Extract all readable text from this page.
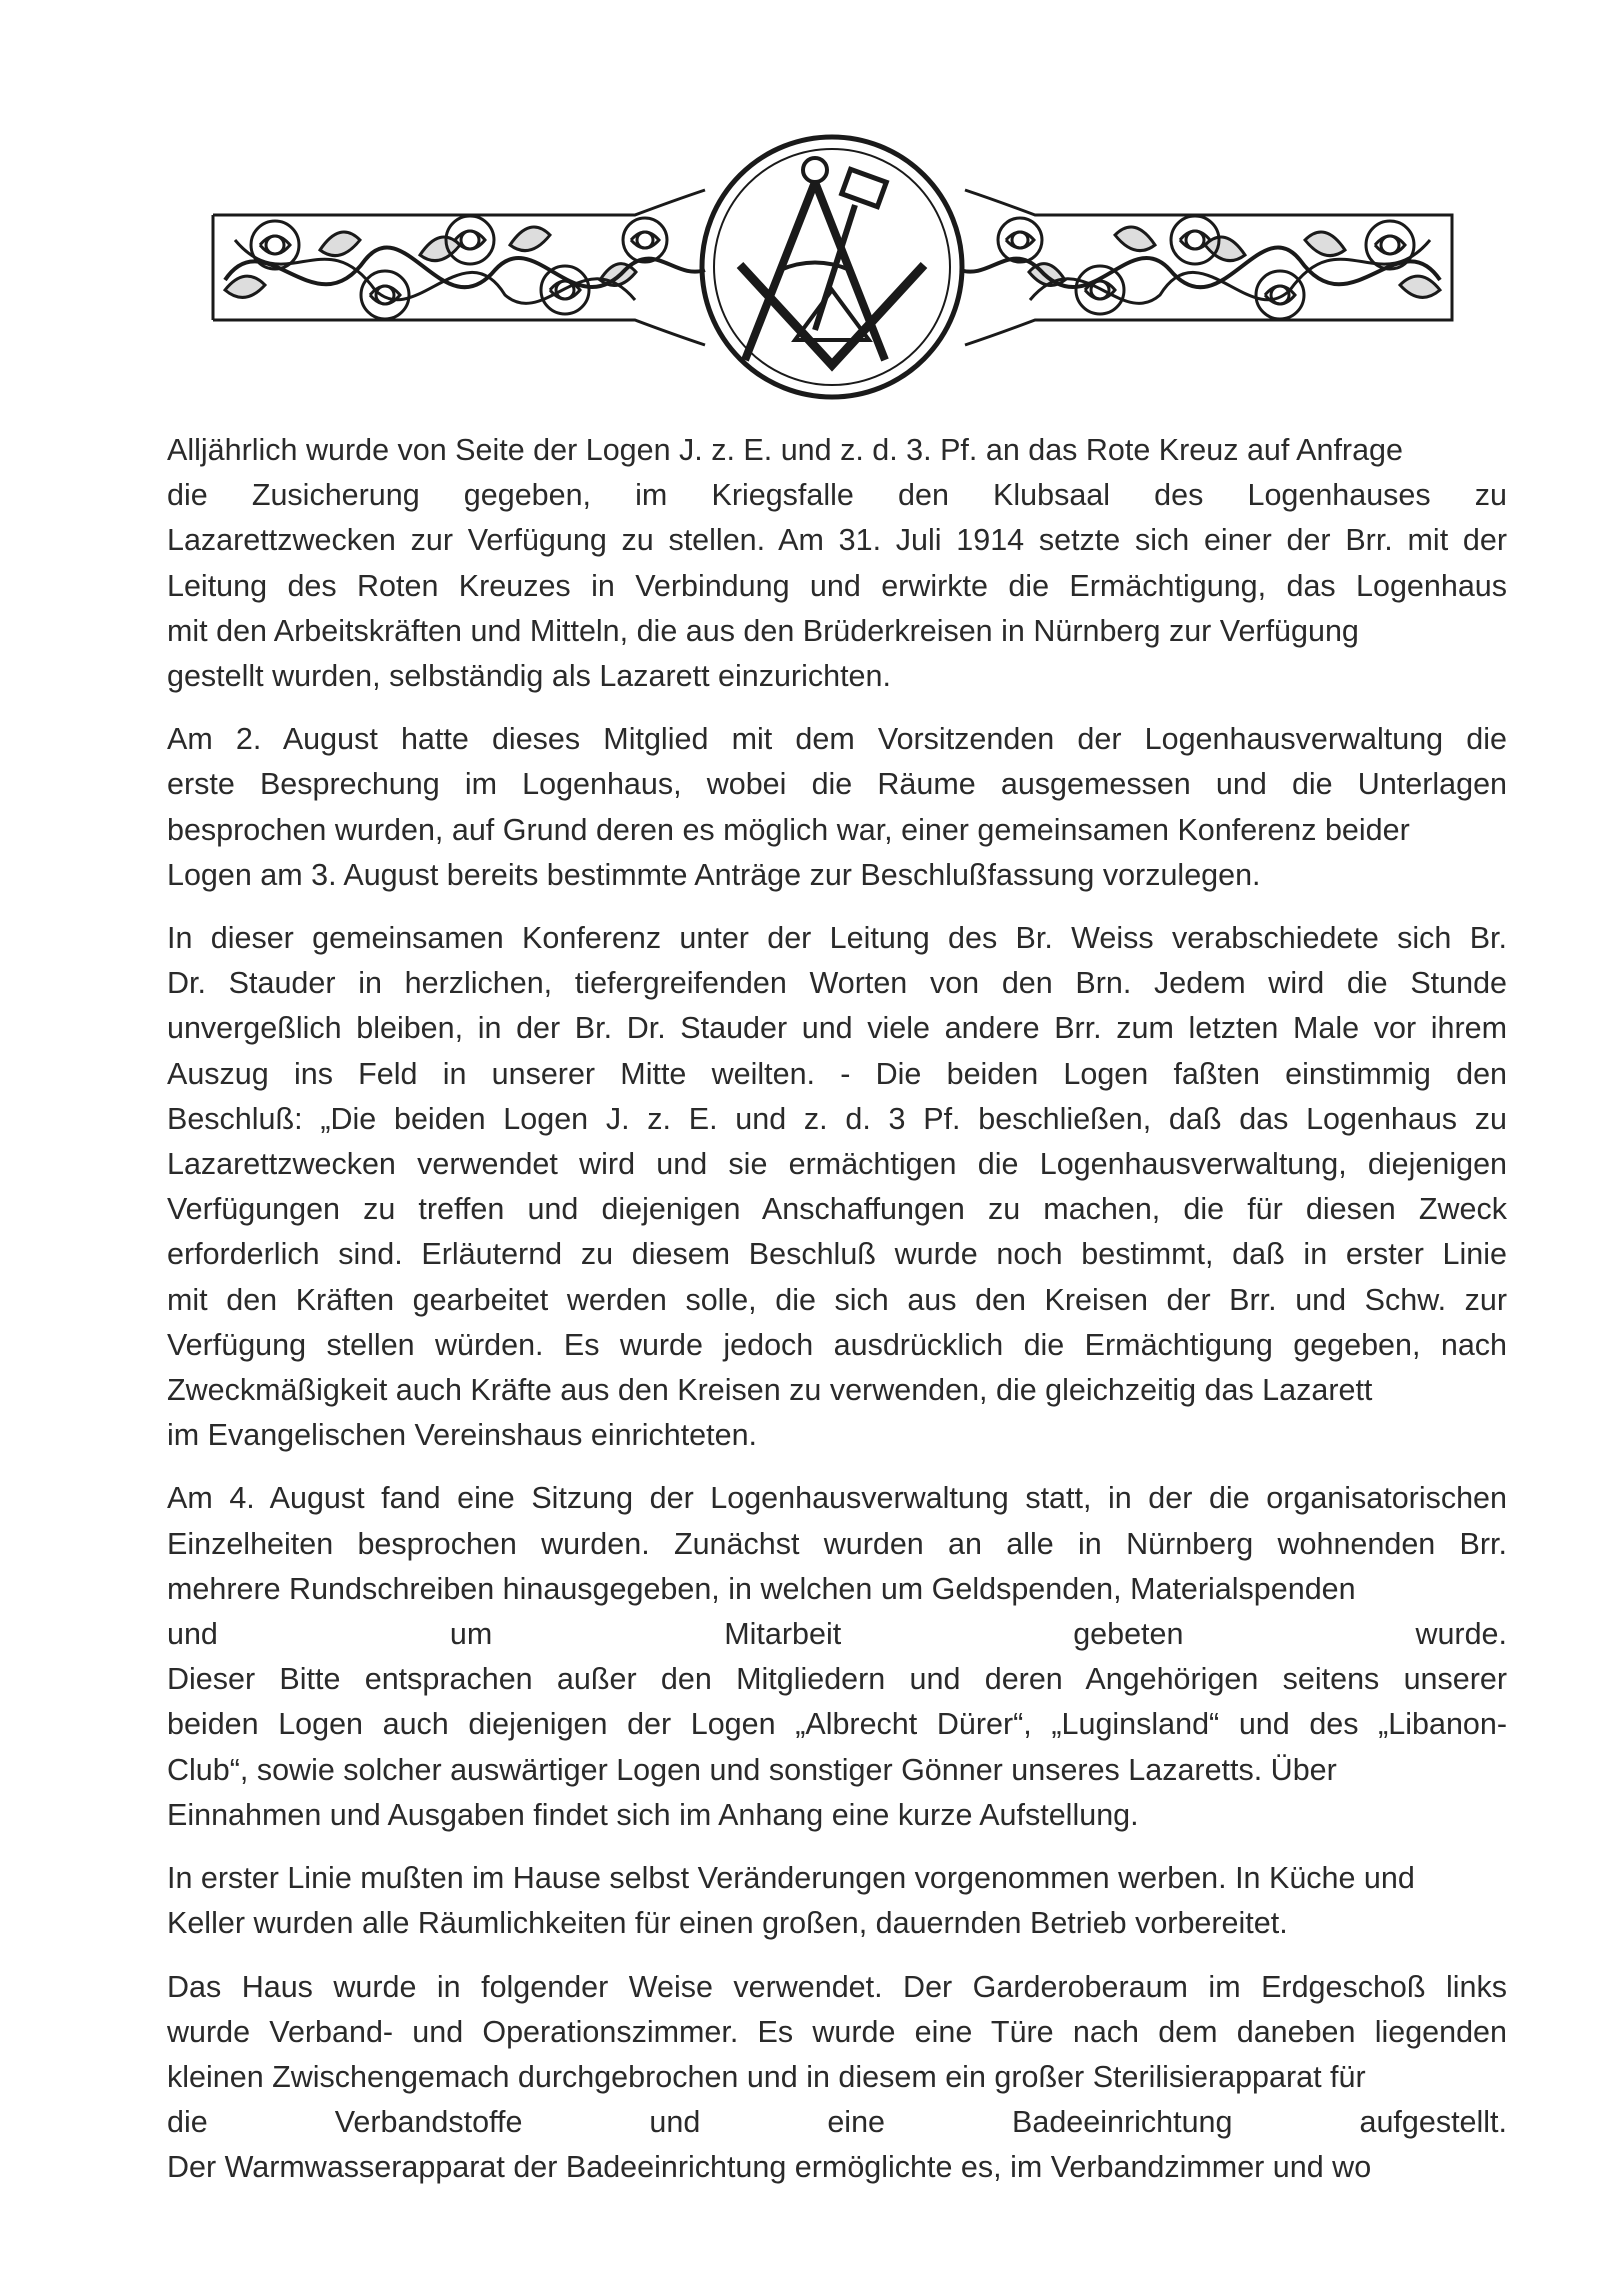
Alljährlich wurde von Seite der Logen J. z. E. und z. d. 3. Pf. an das Rote Kreuz auf Anfrage
die Zusicherung gegeben, im Kriegsfalle den Klubsaal des Logenhauses zu
Lazarettzwecken zur Verfügung zu stellen. Am 31. Juli 1914 setzte sich einer der Brr. mit der
Leitung des Roten Kreuzes in Verbindung und erwirkte die Ermächtigung, das Logenhaus
mit den Arbeitskräften und Mitteln, die aus den Brüderkreisen in Nürnberg zur Verfügung
gestellt wurden, selbständig als Lazarett einzurichten.

Am 2. August hatte dieses Mitglied mit dem Vorsitzenden der Logenhausverwaltung die
erste Besprechung im Logenhaus, wobei die Räume ausgemessen und die Unterlagen
besprochen wurden, auf Grund deren es möglich war, einer gemeinsamen Konferenz beider
Logen am 3. August bereits bestimmte Anträge zur Beschlußfassung vorzulegen.

In dieser gemeinsamen Konferenz unter der Leitung des Br. Weiss verabschiedete sich Br.
Dr. Stauder in herzlichen, tiefergreifenden Worten von den Brn. Jedem wird die Stunde
unvergeßlich bleiben, in der Br. Dr. Stauder und viele andere Brr. zum letzten Male vor ihrem
Auszug ins Feld in unserer Mitte weilten. - Die beiden Logen faßten einstimmig den
Beschluß: „Die beiden Logen J. z. E. und z. d. 3 Pf. beschließen, daß das Logenhaus zu
Lazarettzwecken verwendet wird und sie ermächtigen die Logenhausverwaltung, diejenigen
Verfügungen zu treffen und diejenigen Anschaffungen zu machen, die für diesen Zweck
erforderlich sind. Erläuternd zu diesem Beschluß wurde noch bestimmt, daß in erster Linie
mit den Kräften gearbeitet werden solle, die sich aus den Kreisen der Brr. und Schw. zur
Verfügung stellen würden. Es wurde jedoch ausdrücklich die Ermächtigung gegeben, nach
Zweckmäßigkeit auch Kräfte aus den Kreisen zu verwenden, die gleichzeitig das Lazarett
im Evangelischen Vereinshaus einrichteten.

Am 4. August fand eine Sitzung der Logenhausverwaltung statt, in der die organisatorischen
Einzelheiten besprochen wurden. Zunächst wurden an alle in Nürnberg wohnenden Brr.
mehrere Rundschreiben hinausgegeben, in welchen um Geldspenden, Materialspenden
und um Mitarbeit gebeten wurde.
Dieser Bitte entsprachen außer den Mitgliedern und deren Angehörigen seitens unserer
beiden Logen auch diejenigen der Logen „Albrecht Dürer“, „Luginsland“ und des „Libanon-
Club“, sowie solcher auswärtiger Logen und sonstiger Gönner unseres Lazaretts. Über
Einnahmen und Ausgaben findet sich im Anhang eine kurze Aufstellung.

In erster Linie mußten im Hause selbst Veränderungen vorgenommen werben. In Küche und
Keller wurden alle Räumlichkeiten für einen großen, dauernden Betrieb vorbereitet.

Das Haus wurde in folgender Weise verwendet. Der Garderoberaum im Erdgeschoß links
wurde Verband- und Operationszimmer. Es wurde eine Türe nach dem daneben liegenden
kleinen Zwischengemach durchgebrochen und in diesem ein großer Sterilisierapparat für
die Verbandstoffe und eine Badeeinrichtung aufgestellt.
Der Warmwasserapparat der Badeeinrichtung ermöglichte es, im Verbandzimmer und wo
